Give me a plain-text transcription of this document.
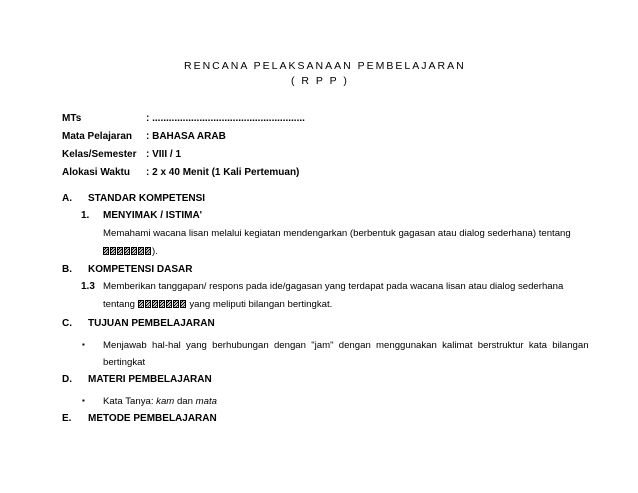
RENCANA PELAKSANAAN PEMBELAJARAN
( R P P )
MTs	: .......................................................
Mata Pelajaran : BAHASA ARAB
Kelas/Semester : VIII / 1
Alokasi Waktu : 2 x 40 Menit (1 Kali Pertemuan)
A. STANDAR KOMPETENSI
1. MENYIMAK / ISTIMA'
Memahami wacana lisan melalui kegiatan mendengarkan (berbentuk gagasan atau dialog sederhana) tentang
).
B. KOMPETENSI DASAR
1.3 Memberikan tanggapan/ respons pada ide/gagasan yang terdapat pada wacana lisan atau dialog sederhana
tentang	yang meliputi bilangan bertingkat.
C. TUJUAN PEMBELAJARAN
▪ Menjawab hal-hal yang berhubungan dengan "jam" dengan menggunakan kalimat berstruktur kata bilangan
bertingkat
D. MATERI PEMBELAJARAN
▪ Kata Tanya: kam dan mata
E. METODE PEMBELAJARAN
